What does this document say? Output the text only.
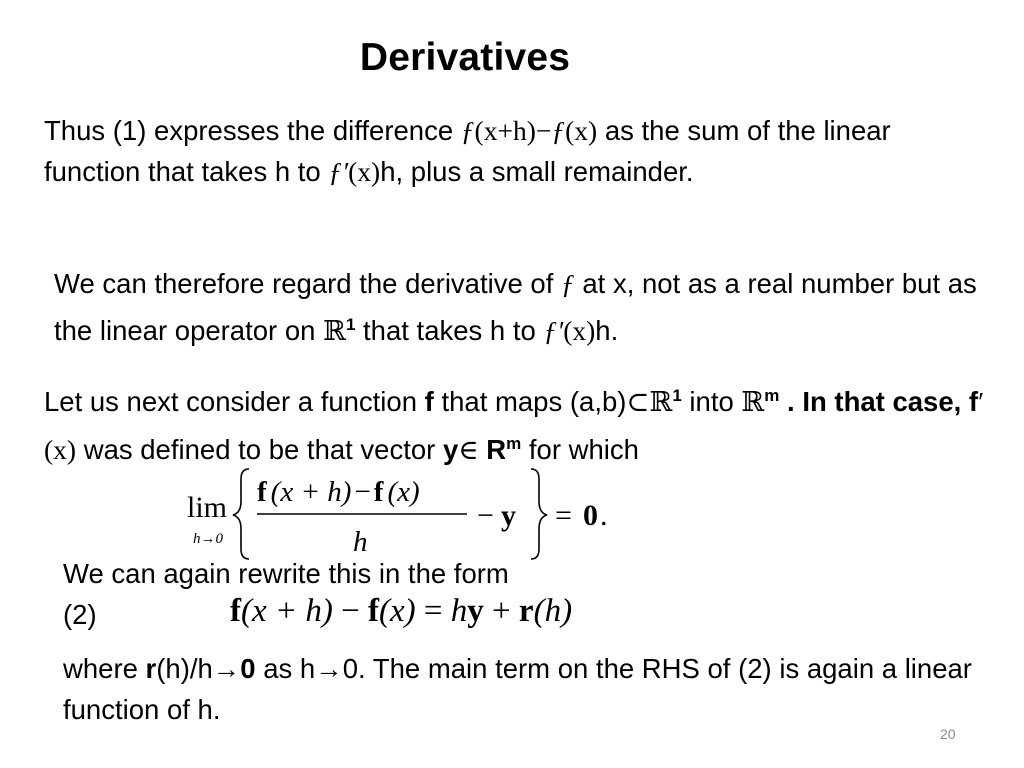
Derivatives
Thus (1) expresses the difference ƒ(x+h)−ƒ(x) as the sum of the linear function that takes h to ƒ′(x)h, plus a small remainder.
We can therefore regard the derivative of ƒ at x, not as a real number but as the linear operator on ℝ$^1$ that takes h to ƒ′(x)h.
Let us next consider a function f that maps (a,b)⊂ℝ$^1$ into ℝ$^m$ . In that case, f′(x) was defined to be that vector y∈ $R^m$ for which
lim
h→0
f (x + h) − f (x)
h
− y = 0 .
We can again rewrite this in the form
(2)	f(x + h) − f(x) = hy + r(h)
where r(h)/h→0 as h→0. The main term on the RHS of (2) is again a linear function of h.
20
